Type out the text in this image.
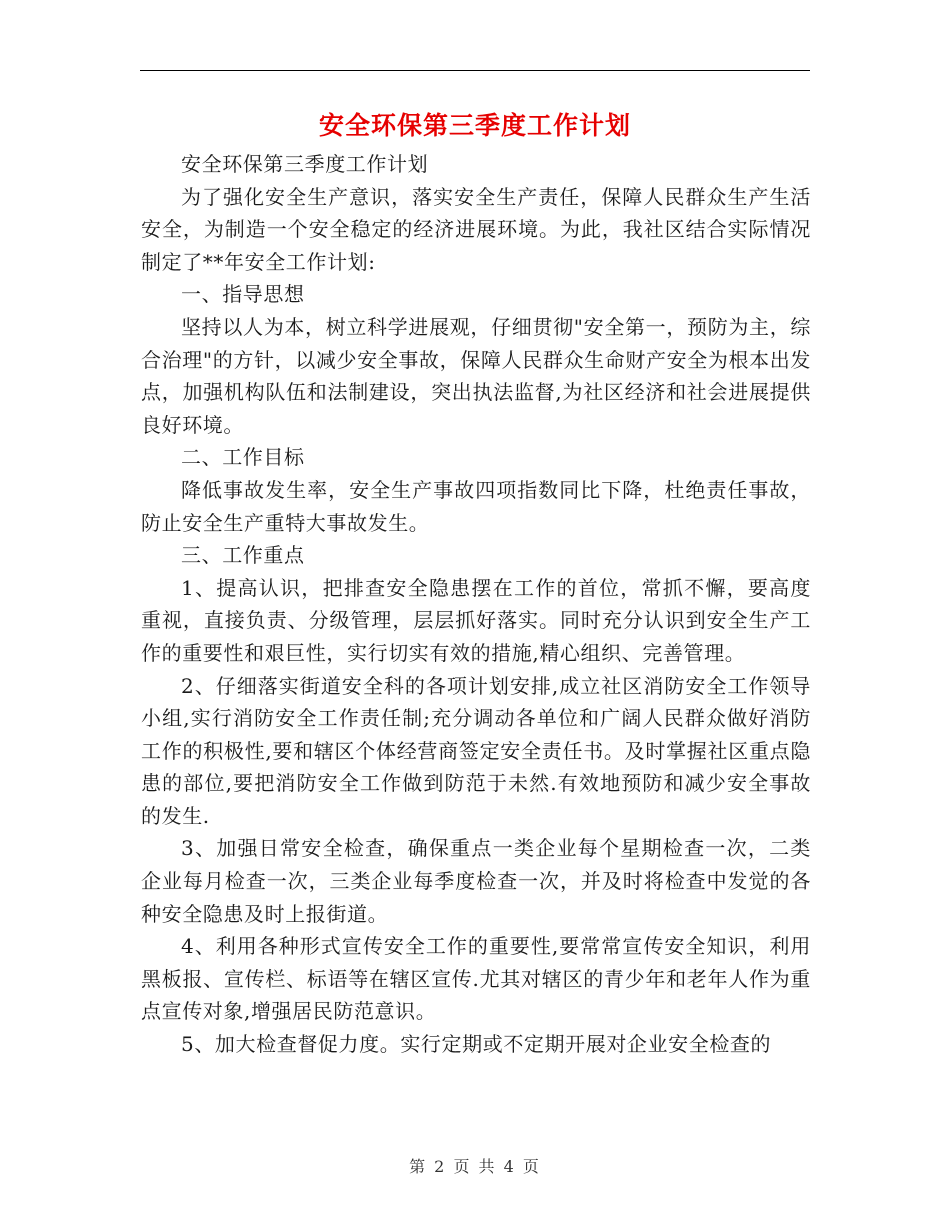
安全环保第三季度工作计划

安全环保第三季度工作计划

为了强化安全生产意识，落实安全生产责任，保障人民群众生产生活安全，为制造一个安全稳定的经济进展环境。为此，我社区结合实际情况制定了**年安全工作计划:

一、指导思想

坚持以人为本，树立科学进展观，仔细贯彻"安全第一，预防为主，综合治理"的方针，以减少安全事故，保障人民群众生命财产安全为根本出发点，加强机构队伍和法制建设，突出执法监督,为社区经济和社会进展提供良好环境。

二、工作目标

降低事故发生率，安全生产事故四项指数同比下降，杜绝责任事故，防止安全生产重特大事故发生。

三、工作重点

1、提高认识，把排查安全隐患摆在工作的首位，常抓不懈，要高度重视，直接负责、分级管理，层层抓好落实。同时充分认识到安全生产工作的重要性和艰巨性，实行切实有效的措施,精心组织、完善管理。

2、仔细落实街道安全科的各项计划安排,成立社区消防安全工作领导小组,实行消防安全工作责任制;充分调动各单位和广阔人民群众做好消防工作的积极性,要和辖区个体经营商签定安全责任书。及时掌握社区重点隐患的部位,要把消防安全工作做到防范于未然.有效地预防和减少安全事故的发生.

3、加强日常安全检查，确保重点一类企业每个星期检查一次，二类企业每月检查一次，三类企业每季度检查一次，并及时将检查中发觉的各种安全隐患及时上报街道。

4、利用各种形式宣传安全工作的重要性,要常常宣传安全知识，利用黑板报、宣传栏、标语等在辖区宣传.尤其对辖区的青少年和老年人作为重点宣传对象,增强居民防范意识。

5、加大检查督促力度。实行定期或不定期开展对企业安全检查的

第 2 页 共 4 页
